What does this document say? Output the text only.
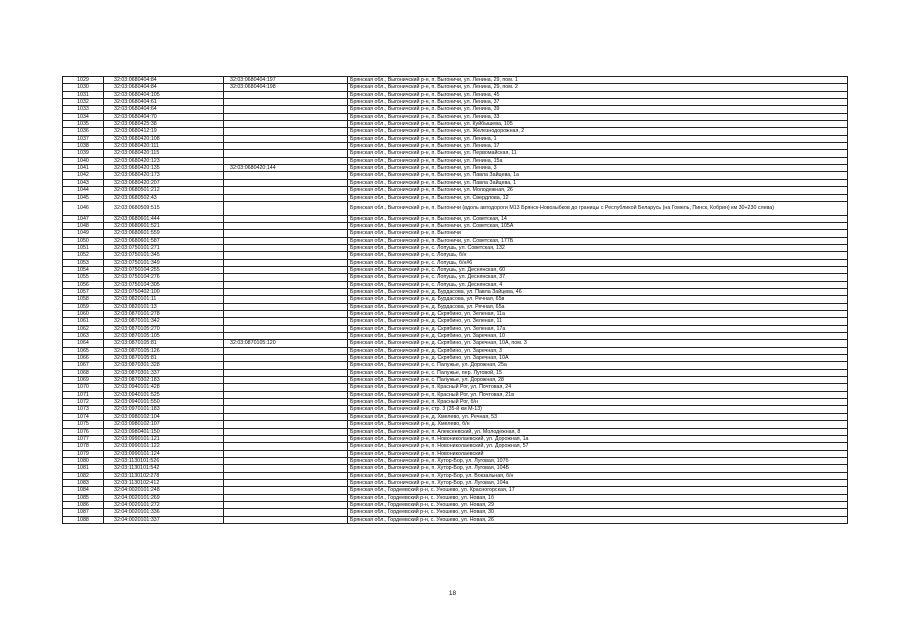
1029	32:03:0680404:84	32:03:0680404:197	Брянская обл., Выгоничский р-н, п. Выгоничи, ул. Ленина, 29, пом. 1
1030	32:03:0680404:84	32:03:0680404:198	Брянская обл., Выгоничский р-н, п. Выгоничи, ул. Ленина, 29, пом. 2
1031	32:03:0680404:105		Брянская обл., Выгоничский р-н, п. Выгоничи, ул. Ленина, 45
1032	32:03:0680404:61		Брянская обл., Выгоничский р-н, п. Выгоничи, ул. Ленина, 37
1033	32:03:0680404:64		Брянская обл., Выгоничский р-н, п. Выгоничи, ул. Ленина, 39
1034	32:03:0680404:70		Брянская обл., Выгоничский р-н, п. Выгоничи, ул. Ленина, 33
1035	32:03:0680425:38		Брянская обл., Выгоничский р-н, п. Выгоничи, ул. Куйбышева, 105
1036	32:03:0680412:19		Брянская обл., Выгоничский р-н, п. Выгоничи, ул. Железнодорожная, 2
1037	32:03:0680420:108		Брянская обл., Выгоничский р-н, п. Выгоничи, ул. Ленина, 1
1038	32:03:0680420:111		Брянская обл., Выгоничский р-н, п. Выгоничи, ул. Ленина, 17
1039	32:03:0680420:115		Брянская обл., Выгоничский р-н, п. Выгоничи, ул. Первомайская, 11
1040	32:03:0680420:123		Брянская обл., Выгоничский р-н, п. Выгоничи, ул. Ленина, 15а
1041	32:03:0680420:135	32:03:0680420:144	Брянская обл., Выгоничский р-н, п. Выгоничи, ул. Ленина, 3
1042	32:03:0680420:173		Брянская обл., Выгоничский р-н, п. Выгоничи, ул. Павла Зайцева, 1а
1043	32:03:0680420:207		Брянская обл., Выгоничский р-н, п. Выгоничи, ул. Павла Зайцева, 1
1044	32:03:0680501:212		Брянская обл., Выгоничский р-н, п. Выгоничи, ул. Молодежная, 26
1045	32:03:0680502:43		Брянская обл., Выгоничский р-н, п. Выгоничи, ул. Свердлова, 12
1046	32:03:0680509:515		Брянская обл., Выгоничский р-н, п. Выгоничи (вдоль автодороги М13 Брянск-Новозыбков до границы с Республикой Беларусь (на Гомель, Пинск, Кобрин) км 30+230 слева)
1047	32:03:0680601:444		Брянская обл., Выгоничский р-н, п. Выгоничи, ул. Советская, 14
1048	32:03:0680601:521		Брянская обл., Выгоничский р-н, п. Выгоничи, ул. Советская, 105А
1049	32:03:0680601:559		Брянская обл., Выгоничский р-н, п. Выгоничи
1050	32:03:0680601:587		Брянская обл., Выгоничский р-н, п. Выгоничи, ул. Советская, 177Б
1051	32:03:0750101:271		Брянская обл., Выгоничский р-н, с. Лопушь, ул. Советская, 132
1052	32:03:0750101:345		Брянская обл., Выгоничский р-н, с. Лопушь, б/н
1053	32:03:0750101:349		Брянская обл., Выгоничский р-н, с. Лопушь, б/н#6
1054	32:03:0750104:255		Брянская обл., Выгоничский р-н, с. Лопушь, ул. Деснянская, 60
1055	32:03:0750104:276		Брянская обл., Выгоничский р-н, с. Лопушь, ул. Деснянская, 37
1056	32:03:0750104:305		Брянская обл., Выгоничский р-н, с. Лопушь, ул. Деснянская, 4
1057	32:03:0750402:100		Брянская обл., Выгоничский р-н, д. Бурдасова, ул. Павла Зайцева, 46
1058	32:03:0820101:11		Брянская обл., Выгоничский р-н, д. Бурдасова, ул. Речная, 65в
1059	32:03:0820101:13		Брянская обл., Выгоничский р-н, д. Бурдасова, ул. Речная, 65а
1060	32:03:0870101:278		Брянская обл., Выгоничский р-н, д. Скрябино, ул. Зеленая, 11а
1061	32:03:0870101:342		Брянская обл., Выгоничский р-н, д. Скрябино, ул. Зеленая, 11
1062	32:03:0870105:270		Брянская обл., Выгоничский р-н, д. Скрябино, ул. Зеленая, 17а
1063	32:03:0870105:105		Брянская обл., Выгоничский р-н, д. Скрябино, ул. Заречная, 10
1064	32:03:0870105:81	32:03:0870105:120	Брянская обл., Выгоничский р-н, д. Скрябино, ул. Заречная, 10А, пом. 3
1065	32:03:0870105:126		Брянская обл., Выгоничский р-н, д. Скрябино, ул. Заречная, 3
1066	32:03:0870105:81		Брянская обл., Выгоничский р-н, д. Скрябино, ул. Заречная, 10А
1067	32:03:0870301:328		Брянская обл., Выгоничский р-н, с. Палужье, ул. Дорожная, 25а
1068	32:03:0870301:337		Брянская обл., Выгоничский р-н, с. Палужье, пер. Луговой, 15
1069	32:03:0870302:183		Брянская обл., Выгоничский р-н, с. Палужье, ул. Дорожная, 28
1070	32:03:0940101:428		Брянская обл., Выгоничский р-н, п. Красный Рог, ул. Почтовая, 24
1071	32:03:0940101:525		Брянская обл., Выгоничский р-н, п. Красный Рог, ул. Почтовая, 21в
1072	32:03:0940101:550		Брянская обл., Выгоничский р-н, п. Красный Рог, б/н
1073	32:03:0970101:183		Брянская обл., Выгоничский р-н, стр. 3 (35-й км М-13)
1074	32:03:0980102:104		Брянская обл., Выгоничский р-н, д. Хмелево, ул. Речная, 53
1075	32:03:0980102:107		Брянская обл., Выгоничский р-н, д. Хмелево, б/н
1076	32:03:0980401:150		Брянская обл., Выгоничский р-н, п. Алексеевский, ул. Молодежная, 8
1077	32:03:0990101:121		Брянская обл., Выгоничский р-н, п. Новониколаевский, ул. Дорожная, 1а
1078	32:03:0990101:122		Брянская обл., Выгоничский р-н, п. Новониколаевский, ул. Дорожная, 57
1079	32:03:0990101:124		Брянская обл., Выгоничский р-н, п. Новониколаевский
1080	32:03:1130101:526		Брянская обл., Выгоничский р-н, п. Хутор-Бор, ул. Луговая, 107б
1081	32:03:1130101:542		Брянская обл., Выгоничский р-н, п. Хутор-Бор, ул. Луговая, 104Б
1082	32:03:1130102:278		Брянская обл., Выгоничский р-н, п. Хутор-Бор, ул. Вокзальная, б/н
1083	32:03:1130102:412		Брянская обл., Выгоничский р-н, п. Хутор-Бор, ул. Луговая, 104а
1084	32:04:0020101:248		Брянская обл., Гордеевский р-н, с. Уношево, ул. Красногорская, 17
1085	32:04:0020101:269		Брянская обл., Гордеевский р-н, с. Уношево, ул. Новая, 1б
1086	32:04:0020101:272		Брянская обл., Гордеевский р-н, с. Уношево, ул. Новая, 29
1087	32:04:0020101:336		Брянская обл., Гордеевский р-н, с. Уношево, ул. Новая, 30
1088	32:04:0020101:337		Брянская обл., Гордеевский р-н, с. Уношево, ул. Новая, 26
18
